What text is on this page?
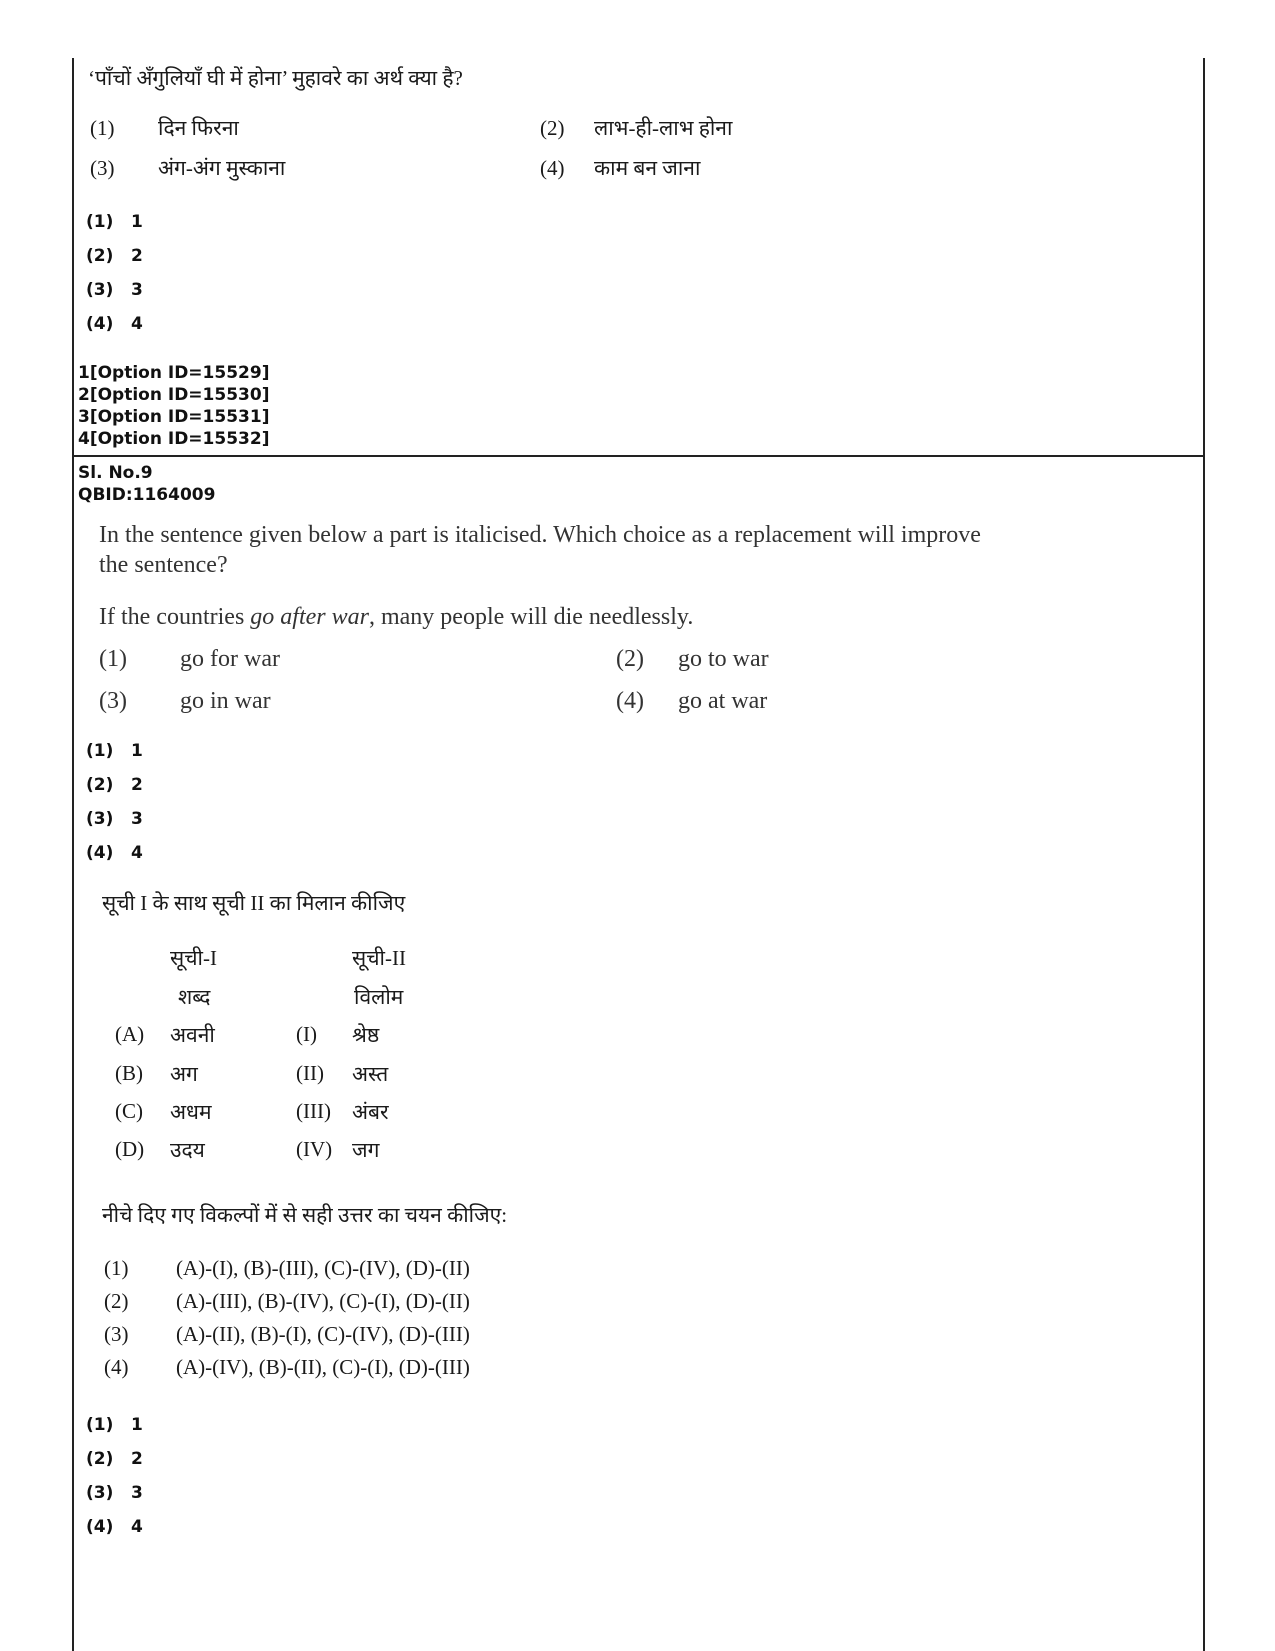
‘पाँचों अँगुलियाँ घी में होना’ मुहावरे का अर्थ क्या है?
(1) दिन फिरना	(2) लाभ-ही-लाभ होना
(3) अंग-अंग मुस्काना	(4) काम बन जाना
(1) 1
(2) 2
(3) 3
(4) 4
1[Option ID=15529]
2[Option ID=15530]
3[Option ID=15531]
4[Option ID=15532]
Sl. No.9
QBID:1164009
In the sentence given below a part is italicised. Which choice as a replacement will improve
the sentence?
If the countries go after war, many people will die needlessly.
(1) go for war	(2) go to war
(3) go in war	(4) go at war
(1) 1
(2) 2
(3) 3
(4) 4
सूची I के साथ सूची II का मिलान कीजिए
सूची-I	सूची-II
शब्द	विलोम
(A) अवनी	(I) श्रेष्ठ
(B) अग	(II) अस्त
(C) अधम	(III) अंबर
(D) उदय	(IV) जग
नीचे दिए गए विकल्पों में से सही उत्तर का चयन कीजिए:
(1) (A)-(I), (B)-(III), (C)-(IV), (D)-(II)
(2) (A)-(III), (B)-(IV), (C)-(I), (D)-(II)
(3) (A)-(II), (B)-(I), (C)-(IV), (D)-(III)
(4) (A)-(IV), (B)-(II), (C)-(I), (D)-(III)
(1) 1
(2) 2
(3) 3
(4) 4
